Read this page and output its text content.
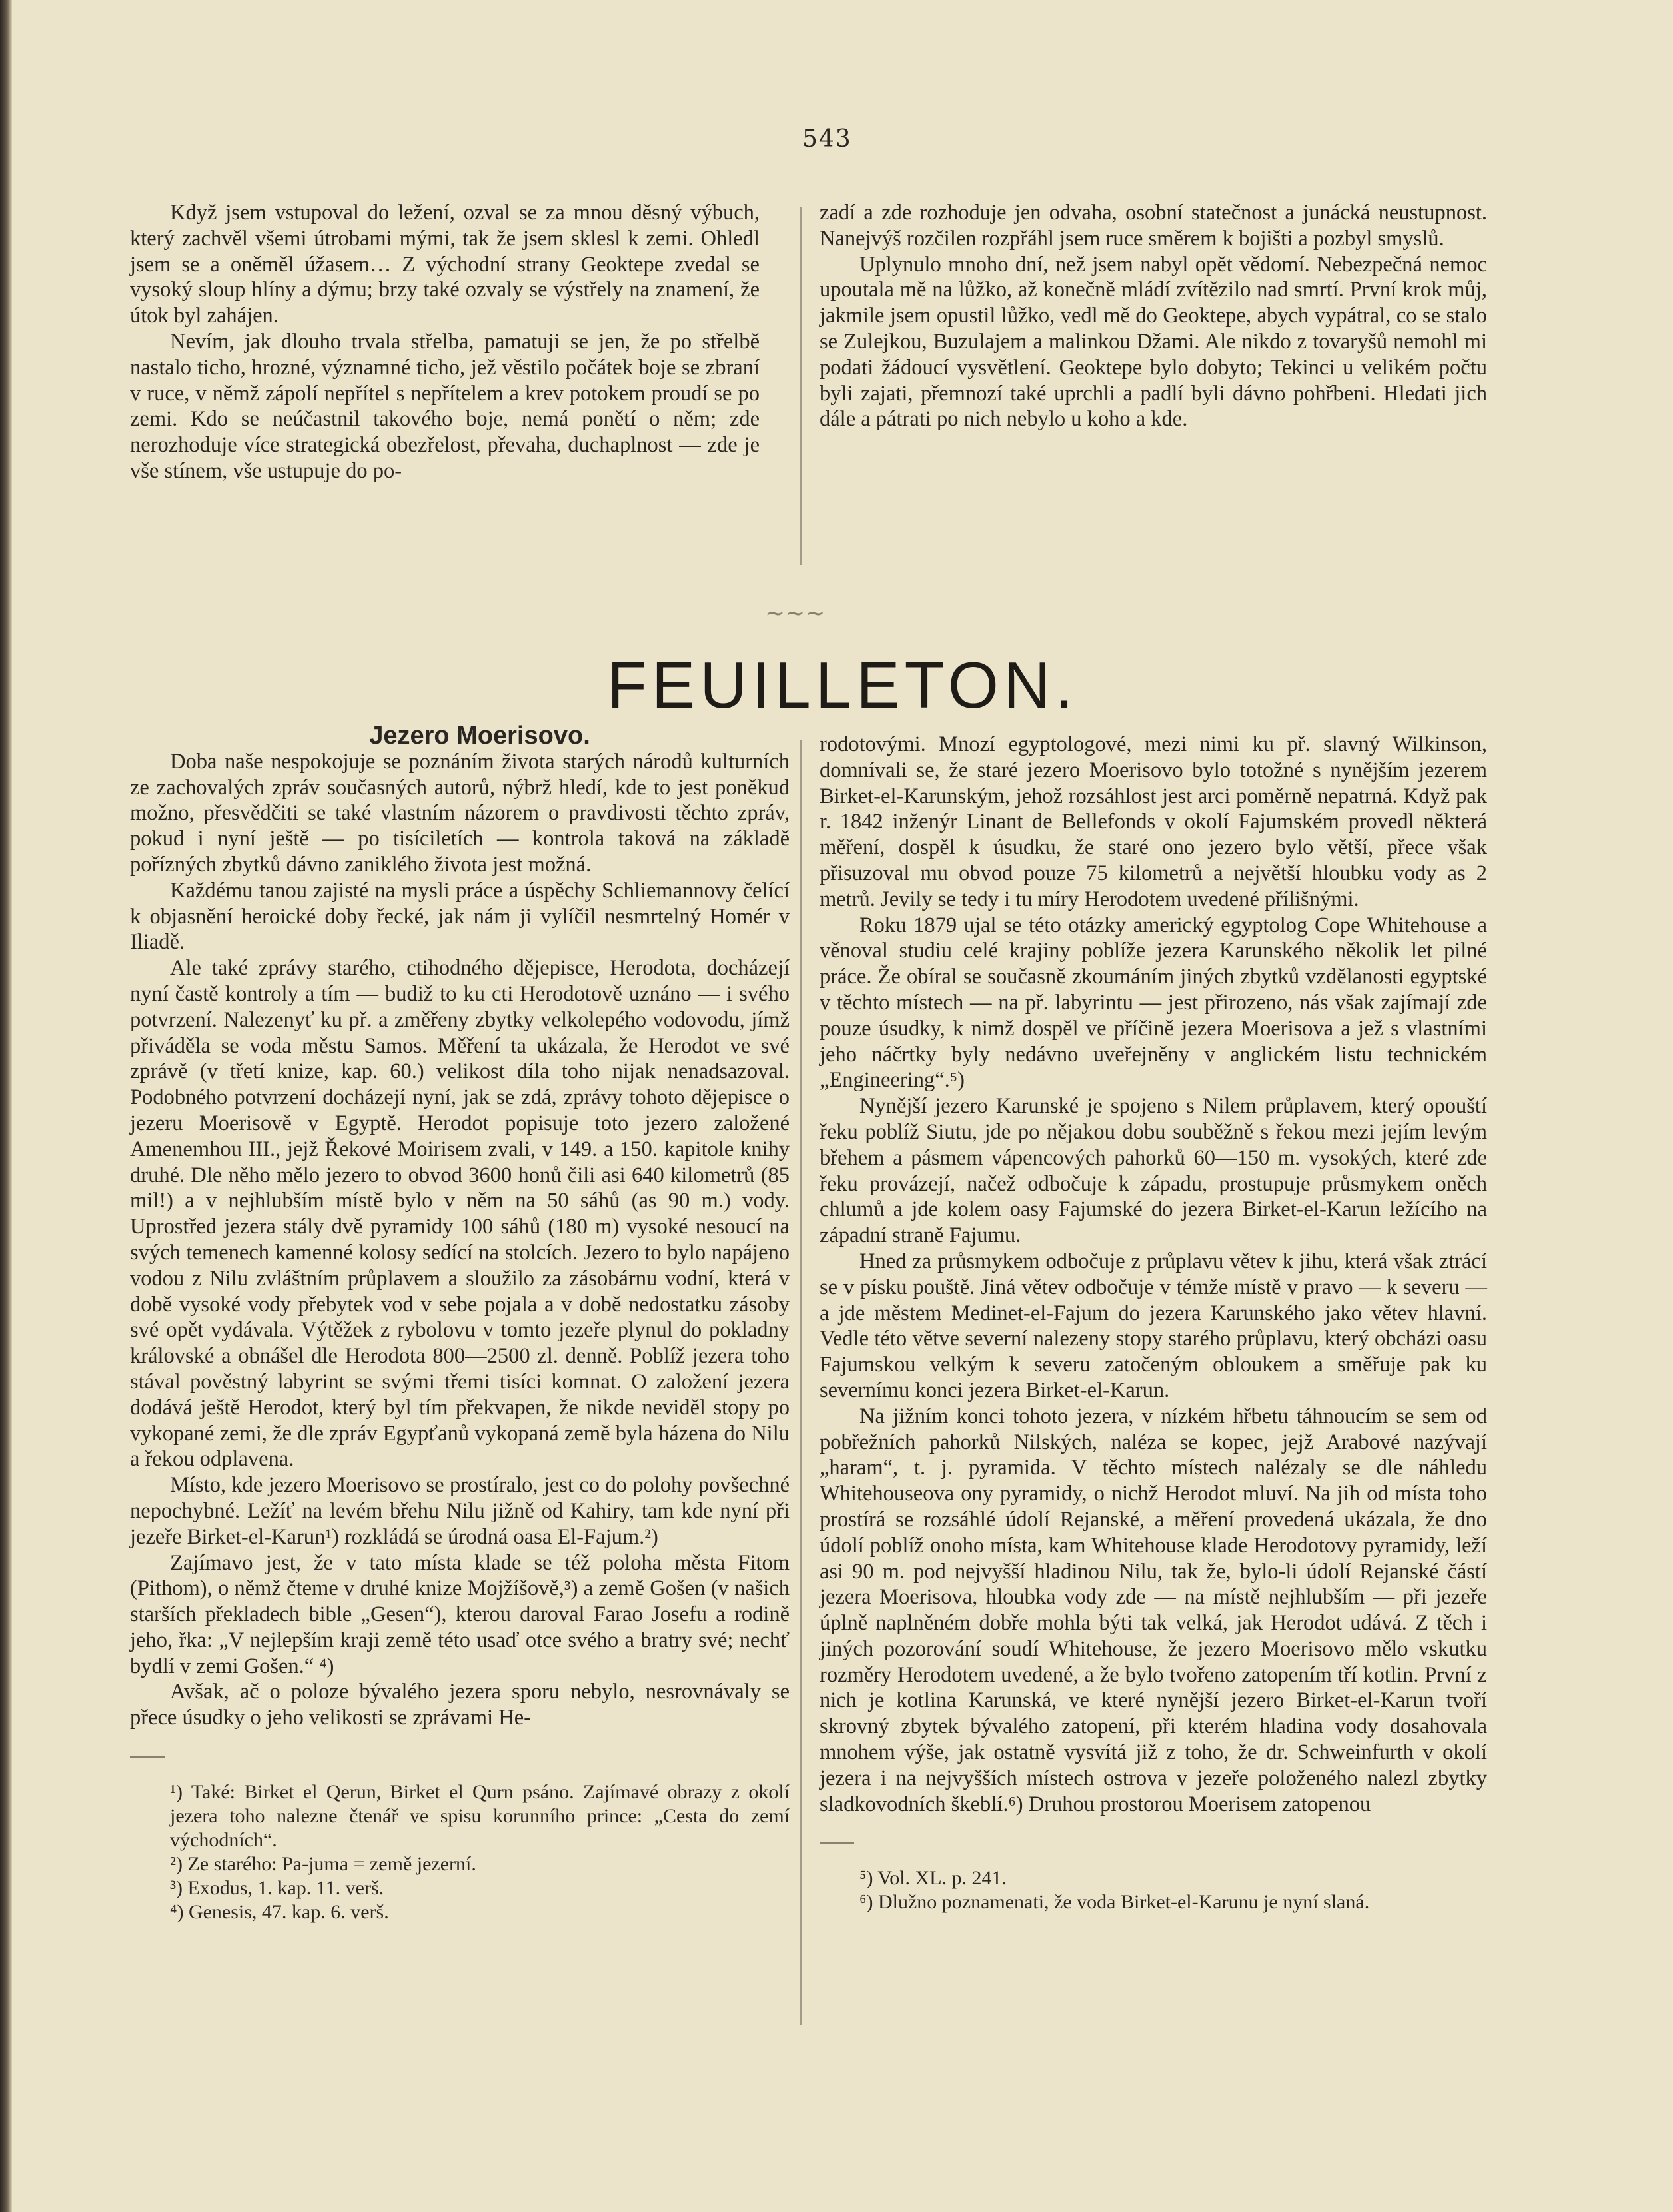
543

Když jsem vstupoval do ležení, ozval se za mnou děsný výbuch, který zachvěl všemi útrobami mými, tak že jsem sklesl k zemi. Ohledl jsem se a oněměl úžasem… Z východní strany Geoktepe zvedal se vysoký sloup hlíny a dýmu; brzy také ozvaly se výstřely na znamení, že útok byl zahájen.

Nevím, jak dlouho trvala střelba, pamatuji se jen, že po střelbě nastalo ticho, hrozné, významné ticho, jež věstilo počátek boje se zbraní v ruce, v němž zápolí nepřítel s nepřítelem a krev potokem proudí se po zemi. Kdo se neúčastnil takového boje, nemá ponětí o něm; zde nerozhoduje více strategická obezřelost, převaha, duchaplnost — zde je vše stínem, vše ustupuje do po-

zadí a zde rozhoduje jen odvaha, osobní statečnost a junácká neustupnost. Nanejvýš rozčilen rozpřáhl jsem ruce směrem k bojišti a pozbyl smyslů.

Uplynulo mnoho dní, než jsem nabyl opět vědomí. Nebezpečná nemoc upoutala mě na lůžko, až konečně mládí zvítězilo nad smrtí. První krok můj, jakmile jsem opustil lůžko, vedl mě do Geoktepe, abych vypátral, co se stalo se Zulejkou, Buzulajem a malinkou Džami. Ale nikdo z tovaryšů nemohl mi podati žádoucí vysvětlení. Geoktepe bylo dobyto; Tekinci u velikém počtu byli zajati, přemnozí také uprchli a padlí byli dávno pohřbeni. Hledati jich dále a pátrati po nich nebylo u koho a kde.

~~~
FEUILLETON.

Jezero Moerisovo.

Doba naše nespokojuje se poznáním života starých národů kulturních ze zachovalých zpráv současných autorů, nýbrž hledí, kde to jest poněkud možno, přesvědčiti se také vlastním názorem o pravdivosti těchto zpráv, pokud i nyní ještě — po tisíciletích — kontrola taková na základě pořízných zbytků dávno zaniklého života jest možná.

Každému tanou zajisté na mysli práce a úspěchy Schliemannovy čelící k objasnění heroické doby řecké, jak nám ji vylíčil nesmrtelný Homér v Iliadě.

Ale také zprávy starého, ctihodného dějepisce, Herodota, docházejí nyní častě kontroly a tím — budiž to ku cti Herodotově uznáno — i svého potvrzení. Nalezenyť ku př. a změřeny zbytky velkolepého vodovodu, jímž přiváděla se voda městu Samos. Měření ta ukázala, že Herodot ve své zprávě (v třetí knize, kap. 60.) velikost díla toho nijak nenadsazoval. Podobného potvrzení docházejí nyní, jak se zdá, zprávy tohoto dějepisce o jezeru Moerisově v Egyptě. Herodot popisuje toto jezero založené Amenemhou III., jejž Řekové Moirisem zvali, v 149. a 150. kapitole knihy druhé. Dle něho mělo jezero to obvod 3600 honů čili asi 640 kilometrů (85 mil!) a v nejhlubším místě bylo v něm na 50 sáhů (as 90 m.) vody. Uprostřed jezera stály dvě pyramidy 100 sáhů (180 m) vysoké nesoucí na svých temenech kamenné kolosy sedící na stolcích. Jezero to bylo napájeno vodou z Nilu zvláštním průplavem a sloužilo za zásobárnu vodní, která v době vysoké vody přebytek vod v sebe pojala a v době nedostatku zásoby své opět vydávala. Výtěžek z rybolovu v tomto jezeře plynul do pokladny královské a obnášel dle Herodota 800—2500 zl. denně. Poblíž jezera toho stával pověstný labyrint se svými třemi tisíci komnat. O založení jezera dodává ještě Herodot, který byl tím překvapen, že nikde neviděl stopy po vykopané zemi, že dle zpráv Egypťanů vykopaná země byla házena do Nilu a řekou odplavena.

Místo, kde jezero Moerisovo se prostíralo, jest co do polohy povšechné nepochybné. Ležíť na levém břehu Nilu jižně od Kahiry, tam kde nyní při jezeře Birket-el-Karun¹) rozkládá se úrodná oasa El-Fajum.²)

Zajímavo jest, že v tato místa klade se též poloha města Fitom (Pithom), o němž čteme v druhé knize Mojžíšově,³) a země Gošen (v našich starších překladech bible „Gesen“), kterou daroval Farao Josefu a rodině jeho, řka: „V nejlepším kraji země této usaď otce svého a bratry své; nechť bydlí v zemi Gošen.“ ⁴)

Avšak, ač o poloze bývalého jezera sporu nebylo, nesrovnávaly se přece úsudky o jeho velikosti se zprávami He-

¹) Také: Birket el Qerun, Birket el Qurn psáno. Zajímavé obrazy z okolí jezera toho nalezne čtenář ve spisu korunního prince: „Cesta do zemí východních“.

²) Ze starého: Pa-juma = země jezerní.

³) Exodus, 1. kap. 11. verš.

⁴) Genesis, 47. kap. 6. verš.

rodotovými. Mnozí egyptologové, mezi nimi ku př. slavný Wilkinson, domnívali se, že staré jezero Moerisovo bylo totožné s nynějším jezerem Birket-el-Karunským, jehož rozsáhlost jest arci poměrně nepatrná. Když pak r. 1842 inženýr Linant de Bellefonds v okolí Fajumském provedl některá měření, dospěl k úsudku, že staré ono jezero bylo větší, přece však přisuzoval mu obvod pouze 75 kilometrů a největší hloubku vody as 2 metrů. Jevily se tedy i tu míry Herodotem uvedené přílišnými.

Roku 1879 ujal se této otázky americký egyptolog Cope Whitehouse a věnoval studiu celé krajiny poblíže jezera Karunského několik let pilné práce. Že obíral se současně zkoumáním jiných zbytků vzdělanosti egyptské v těchto místech — na př. labyrintu — jest přirozeno, nás však zajímají zde pouze úsudky, k nimž dospěl ve příčině jezera Moerisova a jež s vlastními jeho náčrtky byly nedávno uveřejněny v anglickém listu technickém „Engineering“.⁵)

Nynější jezero Karunské je spojeno s Nilem průplavem, který opouští řeku poblíž Siutu, jde po nějakou dobu souběžně s řekou mezi jejím levým břehem a pásmem vápencových pahorků 60—150 m. vysokých, které zde řeku provázejí, načež odbočuje k západu, prostupuje průsmykem oněch chlumů a jde kolem oasy Fajumské do jezera Birket-el-Karun ležícího na západní straně Fajumu.

Hned za průsmykem odbočuje z průplavu větev k jihu, která však ztrácí se v písku pouště. Jiná větev odbočuje v témže místě v pravo — k severu — a jde městem Medinet-el-Fajum do jezera Karunského jako větev hlavní. Vedle této větve severní nalezeny stopy starého průplavu, který obcházi oasu Fajumskou velkým k severu zatočeným obloukem a směřuje pak ku severnímu konci jezera Birket-el-Karun.

Na jižním konci tohoto jezera, v nízkém hřbetu táhnoucím se sem od pobřežních pahorků Nilských, naléza se kopec, jejž Arabové nazývají „haram“, t. j. pyramida. V těchto místech nalézaly se dle náhledu Whitehouseova ony pyramidy, o nichž Herodot mluví. Na jih od místa toho prostírá se rozsáhlé údolí Rejanské, a měření provedená ukázala, že dno údolí poblíž onoho místa, kam Whitehouse klade Herodotovy pyramidy, leží asi 90 m. pod nejvyšší hladinou Nilu, tak že, bylo-li údolí Rejanské částí jezera Moerisova, hloubka vody zde — na místě nejhlubším — při jezeře úplně naplněném dobře mohla býti tak velká, jak Herodot udává. Z těch i jiných pozorování soudí Whitehouse, že jezero Moerisovo mělo vskutku rozměry Herodotem uvedené, a že bylo tvořeno zatopením tří kotlin. První z nich je kotlina Karunská, ve které nynější jezero Birket-el-Karun tvoří skrovný zbytek bývalého zatopení, při kterém hladina vody dosahovala mnohem výše, jak ostatně vysvítá již z toho, že dr. Schweinfurth v okolí jezera i na nejvyšších místech ostrova v jezeře položeného nalezl zbytky sladkovodních škeblí.⁶) Druhou prostorou Moerisem zatopenou

⁵) Vol. XL. p. 241.

⁶) Dlužno poznamenati, že voda Birket-el-Karunu je nyní slaná.
